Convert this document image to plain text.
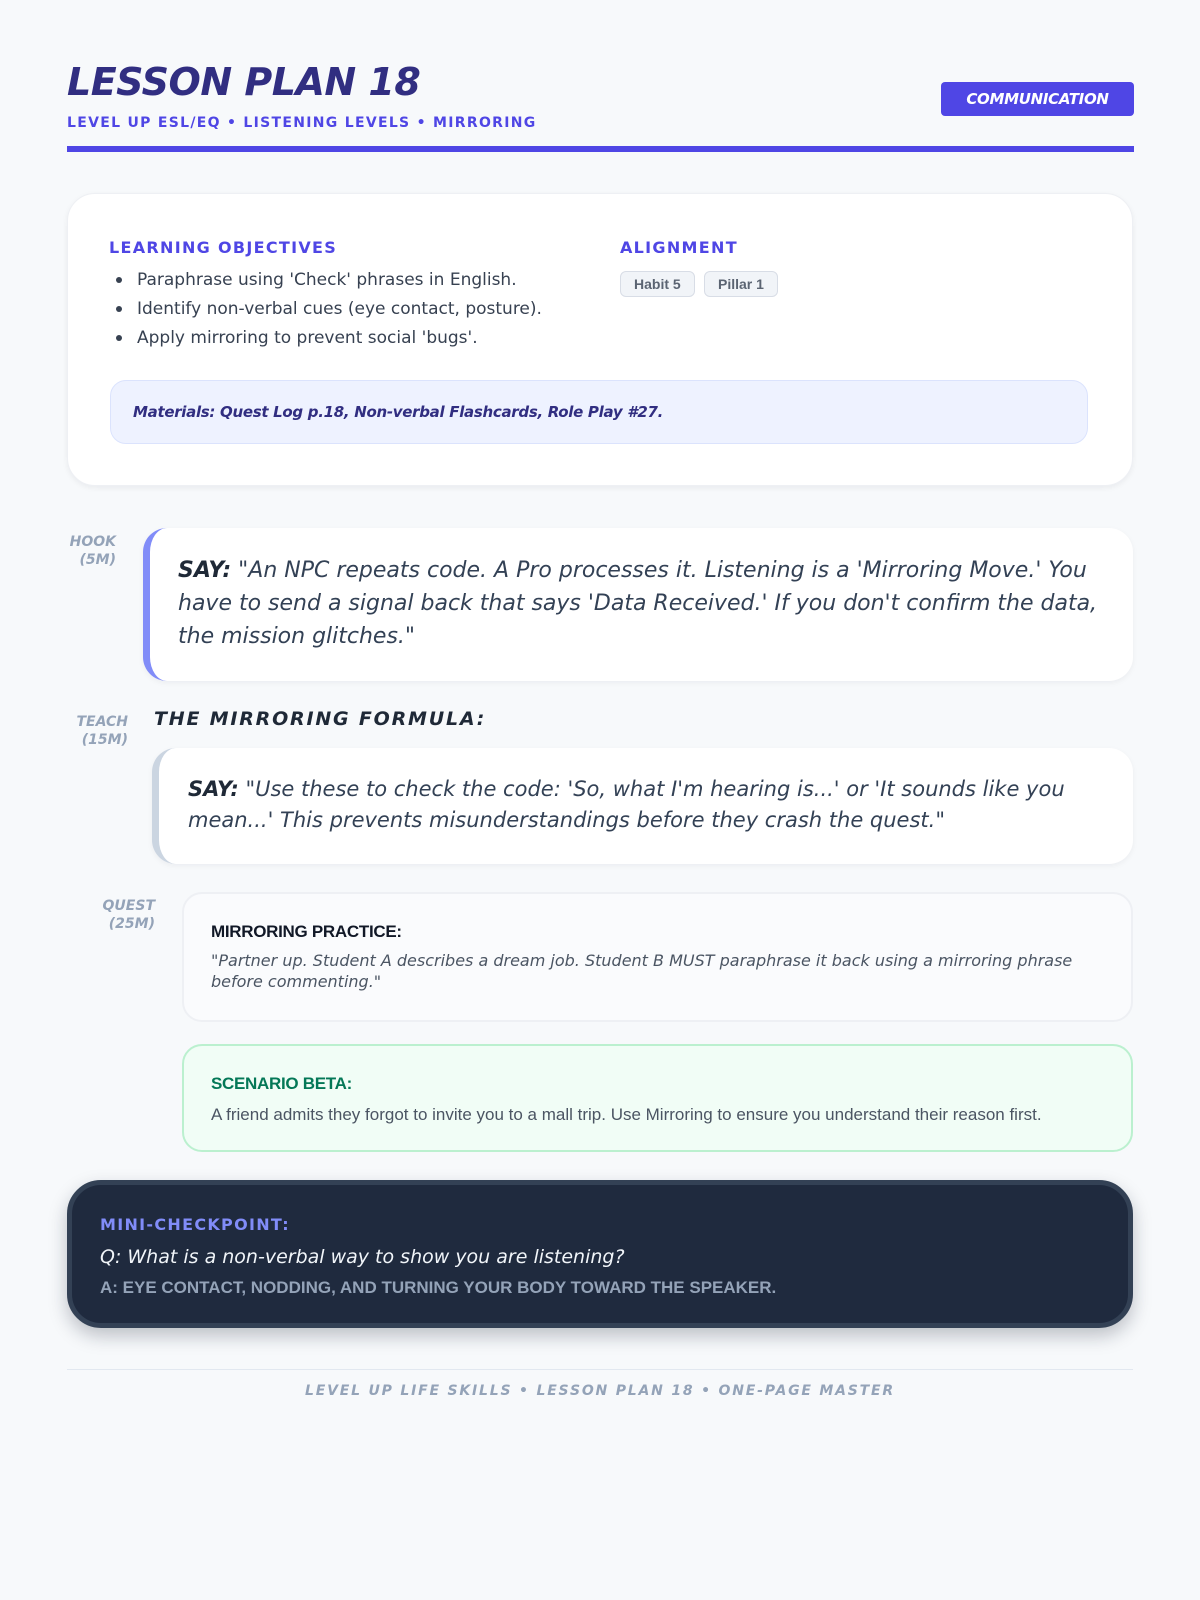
LESSON PLAN 18
LEVEL UP ESL/EQ • LISTENING LEVELS • MIRRORING
COMMUNICATION
LEARNING OBJECTIVES
Paraphrase using 'Check' phrases in English.
Identify non-verbal cues (eye contact, posture).
Apply mirroring to prevent social 'bugs'.
ALIGNMENT
Habit 5	Pillar 1
Materials: Quest Log p.18, Non-verbal Flashcards, Role Play #27.
HOOK
(5M)	SAY: "An NPC repeats code. A Pro processes it. Listening is a 'Mirroring Move.' You have to send a signal back that says 'Data Received.' If you don't confirm the data, the mission glitches."
TEACH
(15M)
THE MIRRORING FORMULA:
SAY: "Use these to check the code: 'So, what I'm hearing is...' or 'It sounds like you mean...' This prevents misunderstandings before they crash the quest."
QUEST
(25M)	MIRRORING PRACTICE:
"Partner up. Student A describes a dream job. Student B MUST paraphrase it back using a mirroring phrase before commenting."
SCENARIO BETA:
A friend admits they forgot to invite you to a mall trip. Use Mirroring to ensure you understand their reason first.
MINI-CHECKPOINT:
Q: What is a non-verbal way to show you are listening?
A: EYE CONTACT, NODDING, AND TURNING YOUR BODY TOWARD THE SPEAKER.
LEVEL UP LIFE SKILLS • LESSON PLAN 18 • ONE-PAGE MASTER
